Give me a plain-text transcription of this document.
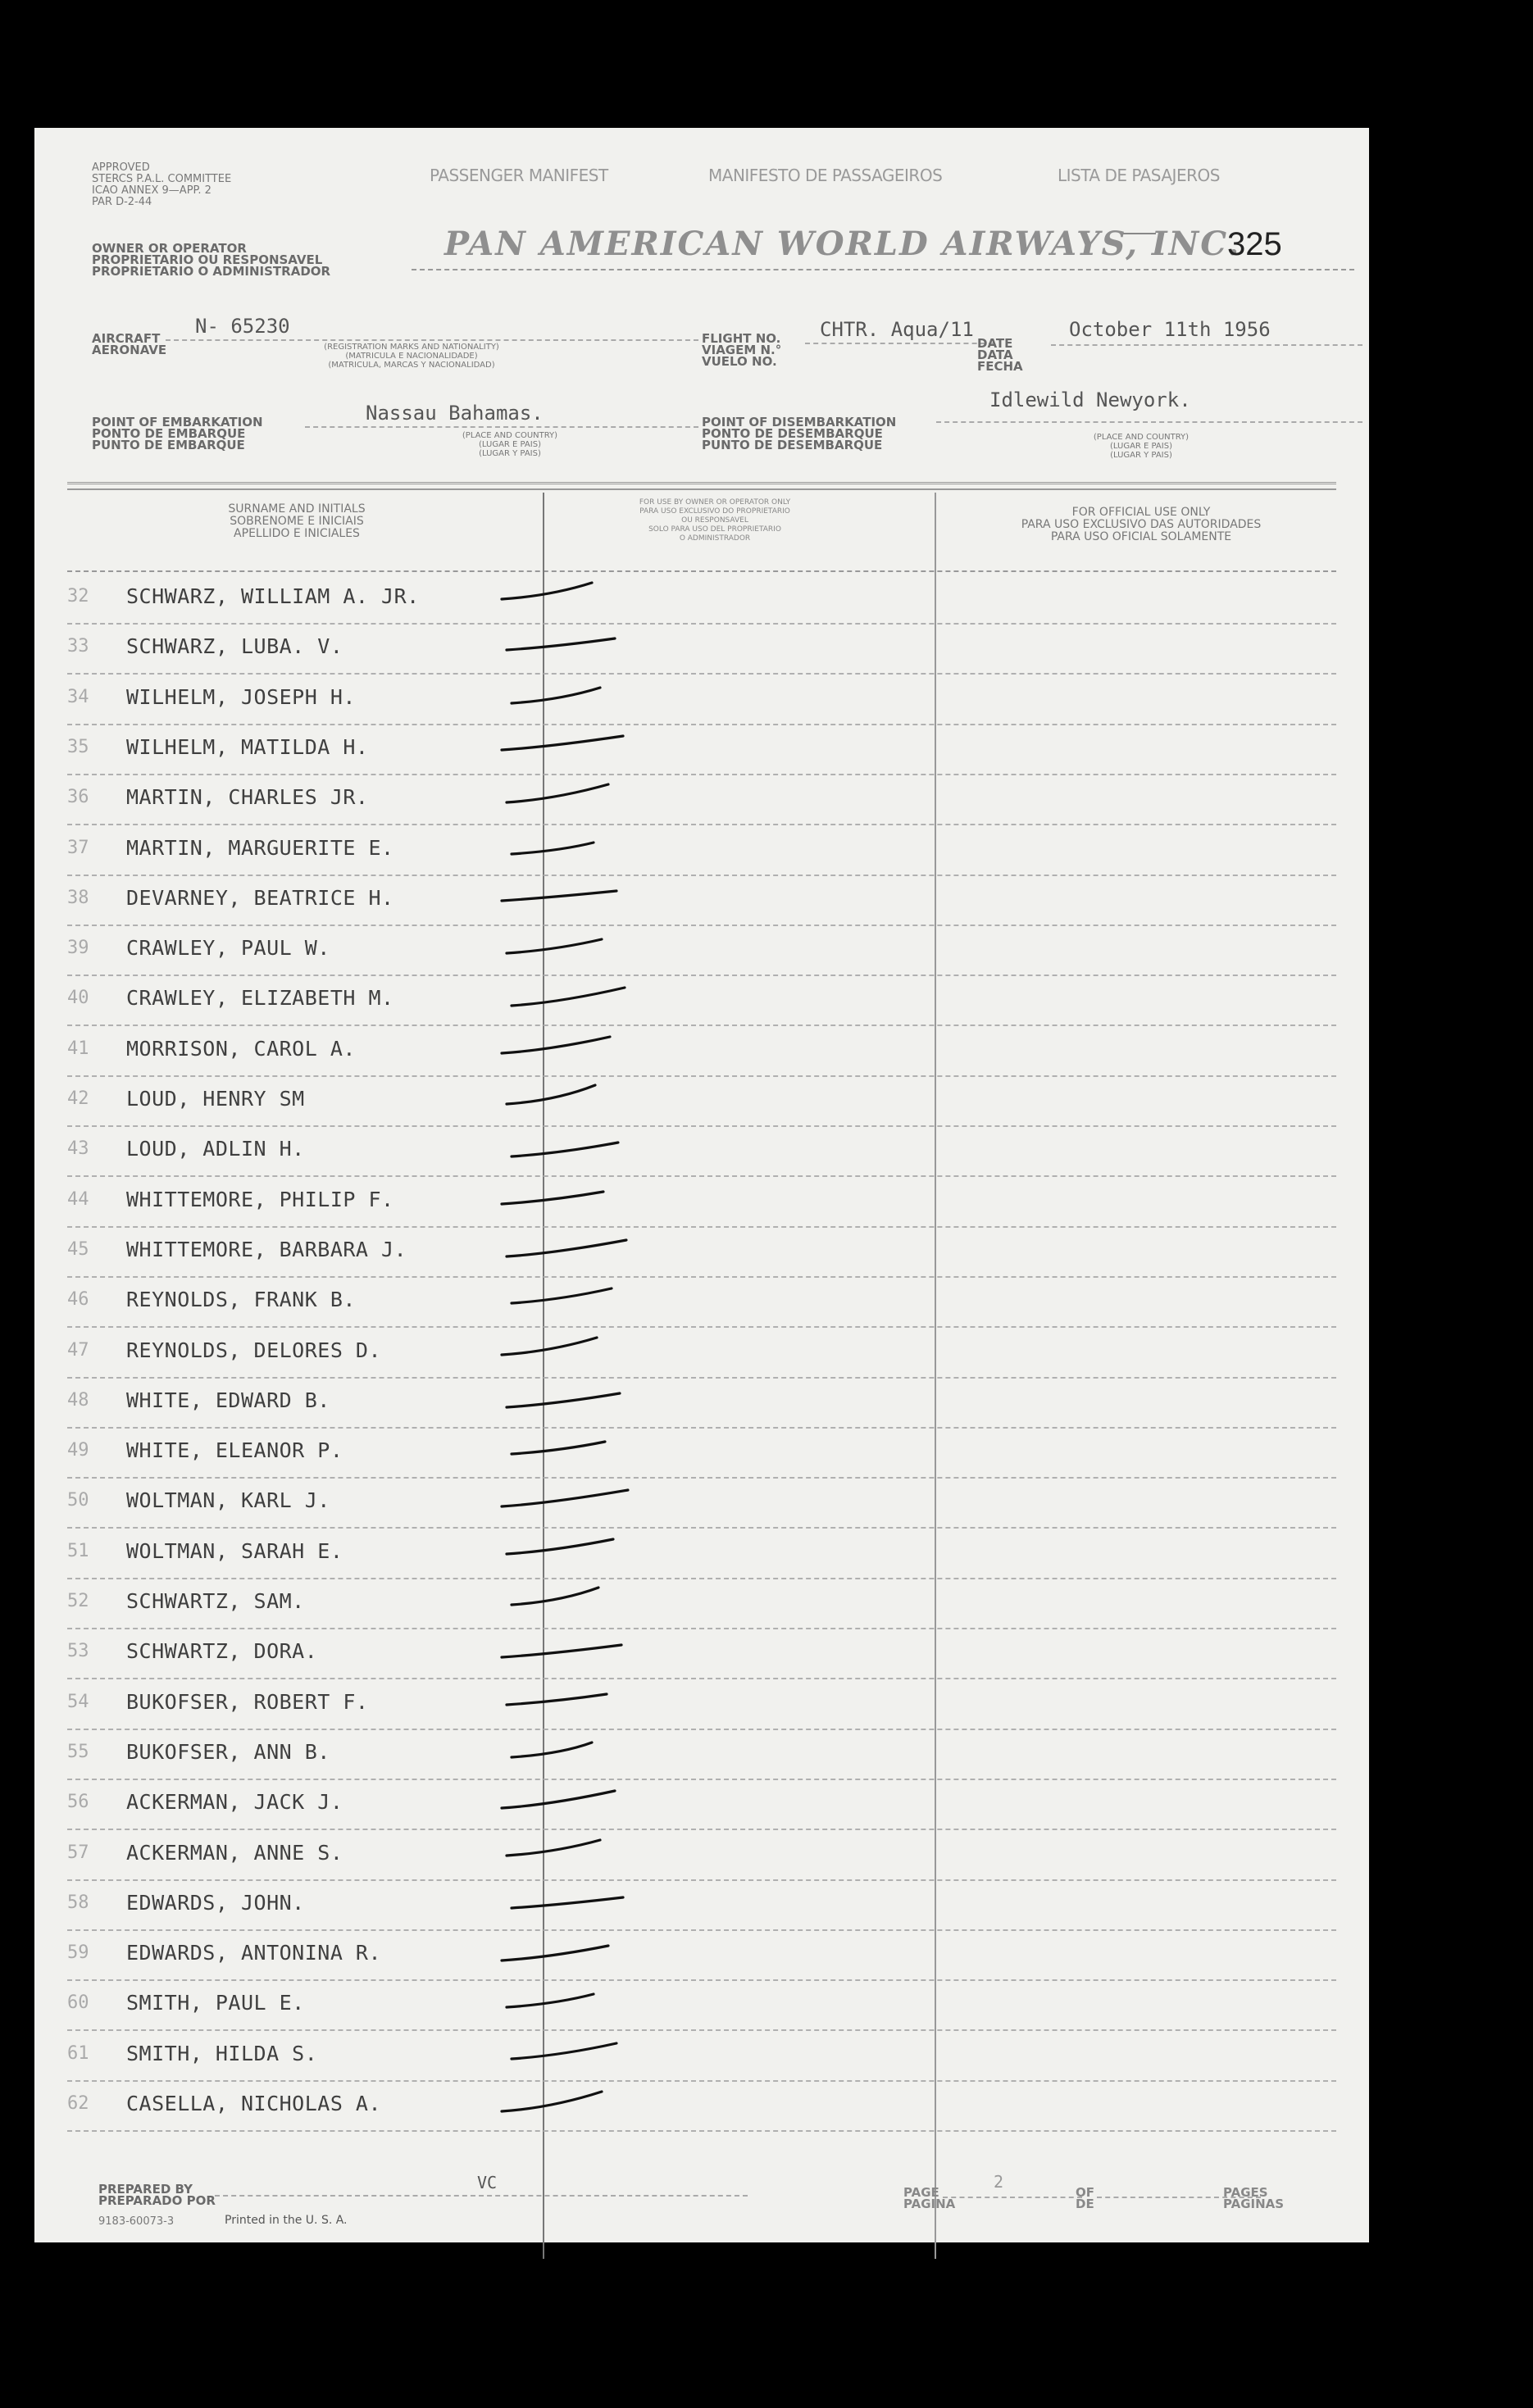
APPROVED
STERCS P.A.L. COMMITTEE
ICAO ANNEX 9—APP. 2
PAR D-2-44
PASSENGER MANIFEST	MANIFESTO DE PASSAGEIROS	LISTA DE PASAJEROS
OWNER OR OPERATOR
PROPRIETARIO OU RESPONSAVEL
PROPRIETARIO O ADMINISTRADOR
PAN AMERICAN WORLD AIRWAYS, INC.
325
AIRCRAFT
AERONAVE
N- 65230
(REGISTRATION MARKS AND NATIONALITY)
(MATRICULA E NACIONALIDADE)
(MATRICULA, MARCAS Y NACIONALIDAD)
FLIGHT NO.
VIAGEM N.°
VUELO NO.
CHTR. Aqua/11
DATE
DATA
FECHA
October 11th 1956
POINT OF EMBARKATION
PONTO DE EMBARQUE
PUNTO DE EMBARQUE
Nassau Bahamas.
(PLACE AND COUNTRY)
(LUGAR E PAIS)
(LUGAR Y PAIS)
POINT OF DISEMBARKATION
PONTO DE DESEMBARQUE
PUNTO DE DESEMBARQUE
Idlewild Newyork.
(PLACE AND COUNTRY)
(LUGAR E PAIS)
(LUGAR Y PAIS)
SURNAME AND INITIALS
SOBRENOME E INICIAIS
APELLIDO E INICIALES
FOR USE BY OWNER OR OPERATOR ONLY
PARA USO EXCLUSIVO DO PROPRIETARIO
OU RESPONSAVEL
SOLO PARA USO DEL PROPRIETARIO
O ADMINISTRADOR
FOR OFFICIAL USE ONLY
PARA USO EXCLUSIVO DAS AUTORIDADES
PARA USO OFICIAL SOLAMENTE
32	SCHWARZ, WILLIAM A. JR.
33	SCHWARZ, LUBA. V.
34	WILHELM, JOSEPH H.
35	WILHELM, MATILDA H.
36	MARTIN, CHARLES JR.
37	MARTIN, MARGUERITE E.
38	DEVARNEY, BEATRICE H.
39	CRAWLEY, PAUL W.
40	CRAWLEY, ELIZABETH M.
41	MORRISON, CAROL A.
42	LOUD, HENRY SM
43	LOUD, ADLIN H.
44	WHITTEMORE, PHILIP F.
45	WHITTEMORE, BARBARA J.
46	REYNOLDS, FRANK B.
47	REYNOLDS, DELORES D.
48	WHITE, EDWARD B.
49	WHITE, ELEANOR P.
50	WOLTMAN, KARL J.
51	WOLTMAN, SARAH E.
52	SCHWARTZ, SAM.
53	SCHWARTZ, DORA.
54	BUKOFSER, ROBERT F.
55	BUKOFSER, ANN B.
56	ACKERMAN, JACK J.
57	ACKERMAN, ANNE S.
58	EDWARDS, JOHN.
59	EDWARDS, ANTONINA R.
60	SMITH, PAUL E.
61	SMITH, HILDA S.
62	CASELLA, NICHOLAS A.
PREPARED BY
PREPARADO POR
VC
9183-60073-3	Printed in the U. S. A.
PAGE
PAGINA
2
OF
DE
PAGES
PAGINAS
